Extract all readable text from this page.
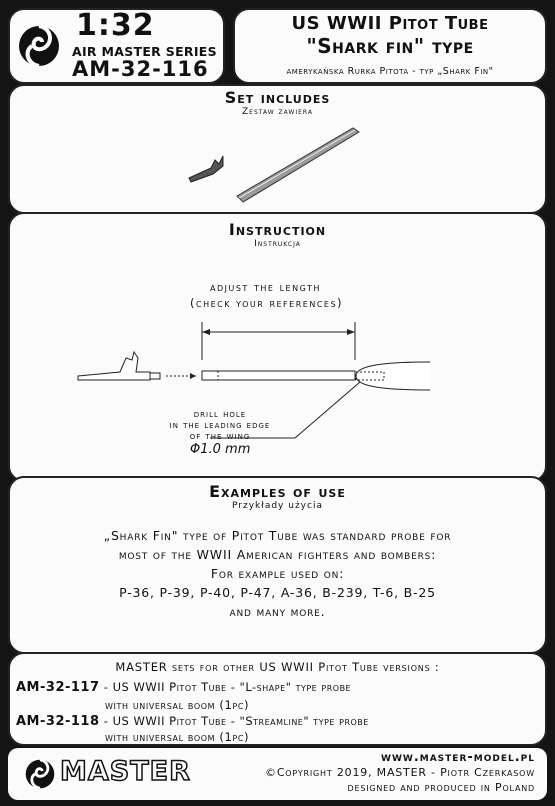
1:32
AIR MASTER SERIES
AM-32-116
US WWII Pitot Tube
"Shark fin" type
amerykańska Rurka Pitota - typ „Shark Fin"
Set includes
Zestaw zawiera
Instruction
Instrukcja
adjust the length
(check your references)
drill hole
in the leading edge
of the wing
Φ1.0 mm
Examples of use
Przykłady użycia
„Shark Fin" type of Pitot Tube was standard probe for
most of the WWII American fighters and bombers:
For example used on:
P-36, P-39, P-40, P-47, A-36, B-239, T-6, B-25
and many more.
MASTER sets for other US WWII Pitot Tube versions :
AM-32-117 - US WWII Pitot Tube - "L-shape" type probe
with universal boom (1pc)
AM-32-118 - US WWII Pitot Tube - "Streamline" type probe
with universal boom (1pc)
MASTER	www.master-model.pl
©Copyright 2019, MASTER - Piotr Czerkasow
designed and produced in Poland
